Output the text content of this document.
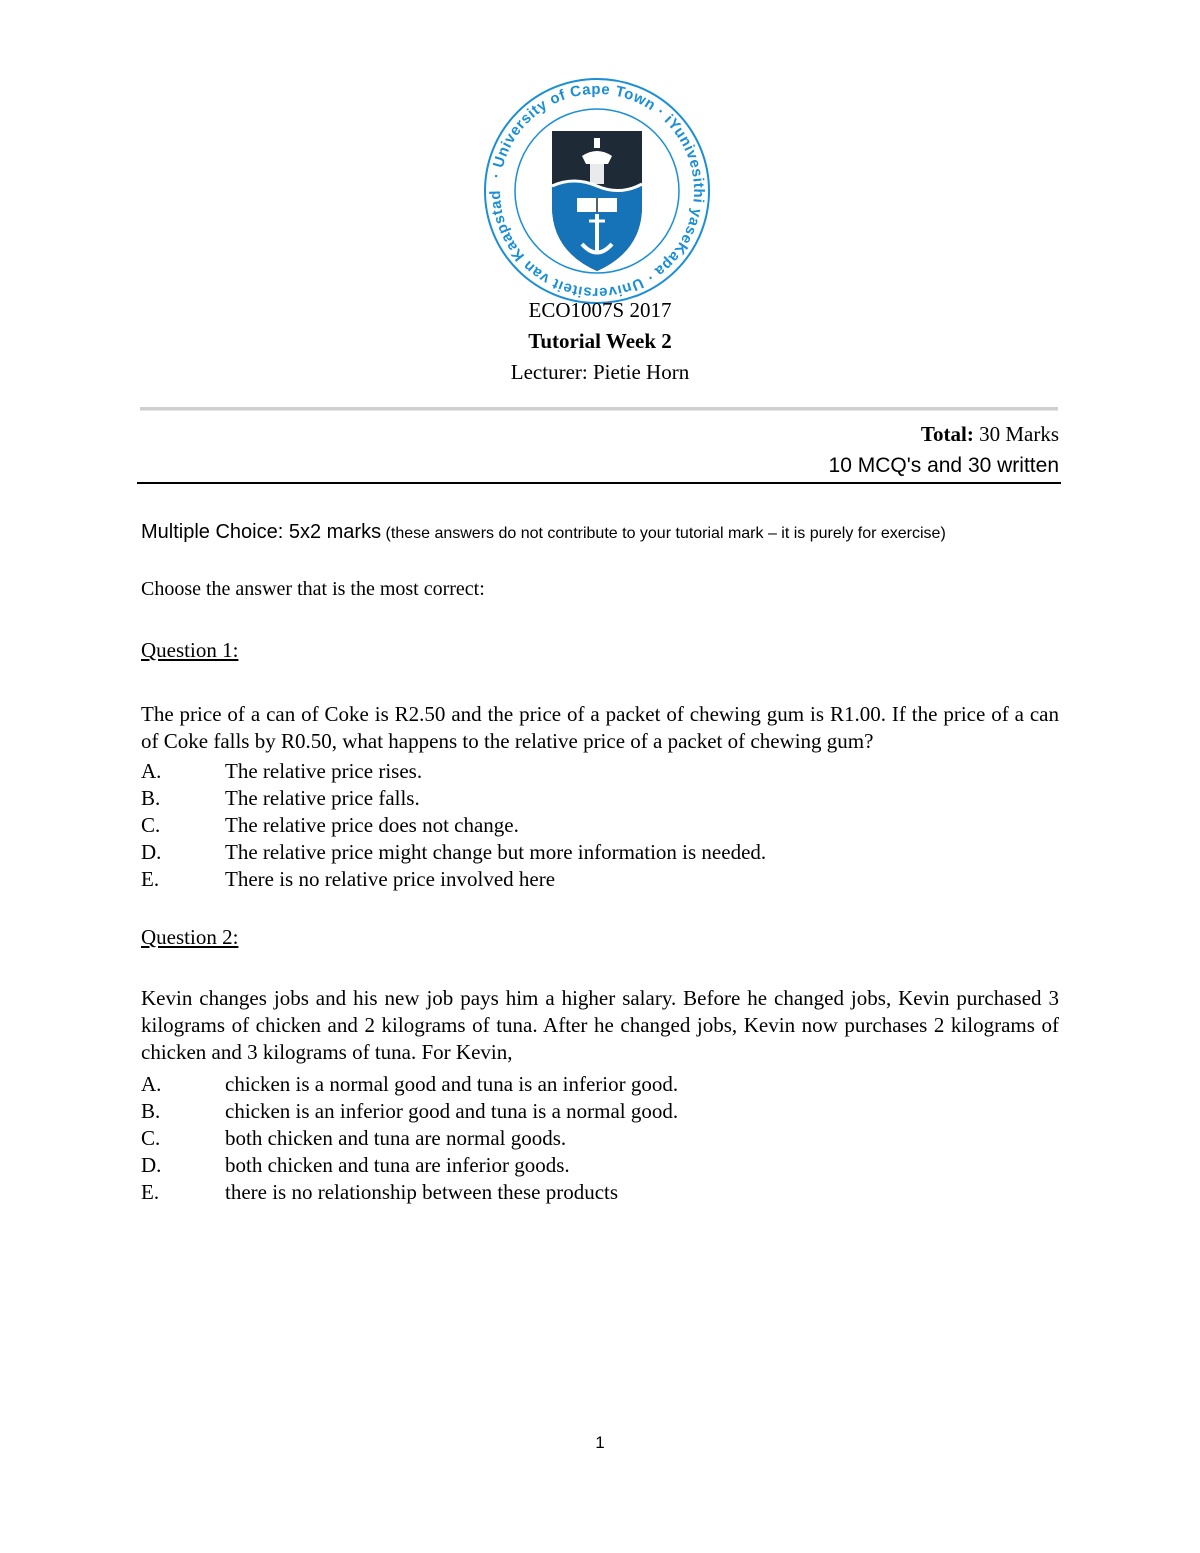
· University of Cape Town · iYunivesithi yaseKapa · Universiteit van Kaapstad
ECO1007S 2017
Tutorial Week 2
Lecturer: Pietie Horn
Total: 30 Marks
10 MCQ's and 30 written
Multiple Choice: 5x2 marks (these answers do not contribute to your tutorial mark – it is purely for exercise)
Choose the answer that is the most correct:
Question 1:
The price of a can of Coke is R2.50 and the price of a packet of chewing gum is R1.00. If the price of a can of Coke falls by R0.50, what happens to the relative price of a packet of chewing gum?
A.	The relative price rises.
B.	The relative price falls.
C.	The relative price does not change.
D.	The relative price might change but more information is needed.
E.	There is no relative price involved here
Question 2:
Kevin changes jobs and his new job pays him a higher salary. Before he changed jobs, Kevin purchased 3 kilograms of chicken and 2 kilograms of tuna. After he changed jobs, Kevin now purchases 2 kilograms of chicken and 3 kilograms of tuna. For Kevin,
A.	chicken is a normal good and tuna is an inferior good.
B.	chicken is an inferior good and tuna is a normal good.
C.	both chicken and tuna are normal goods.
D.	both chicken and tuna are inferior goods.
E.	there is no relationship between these products
1
